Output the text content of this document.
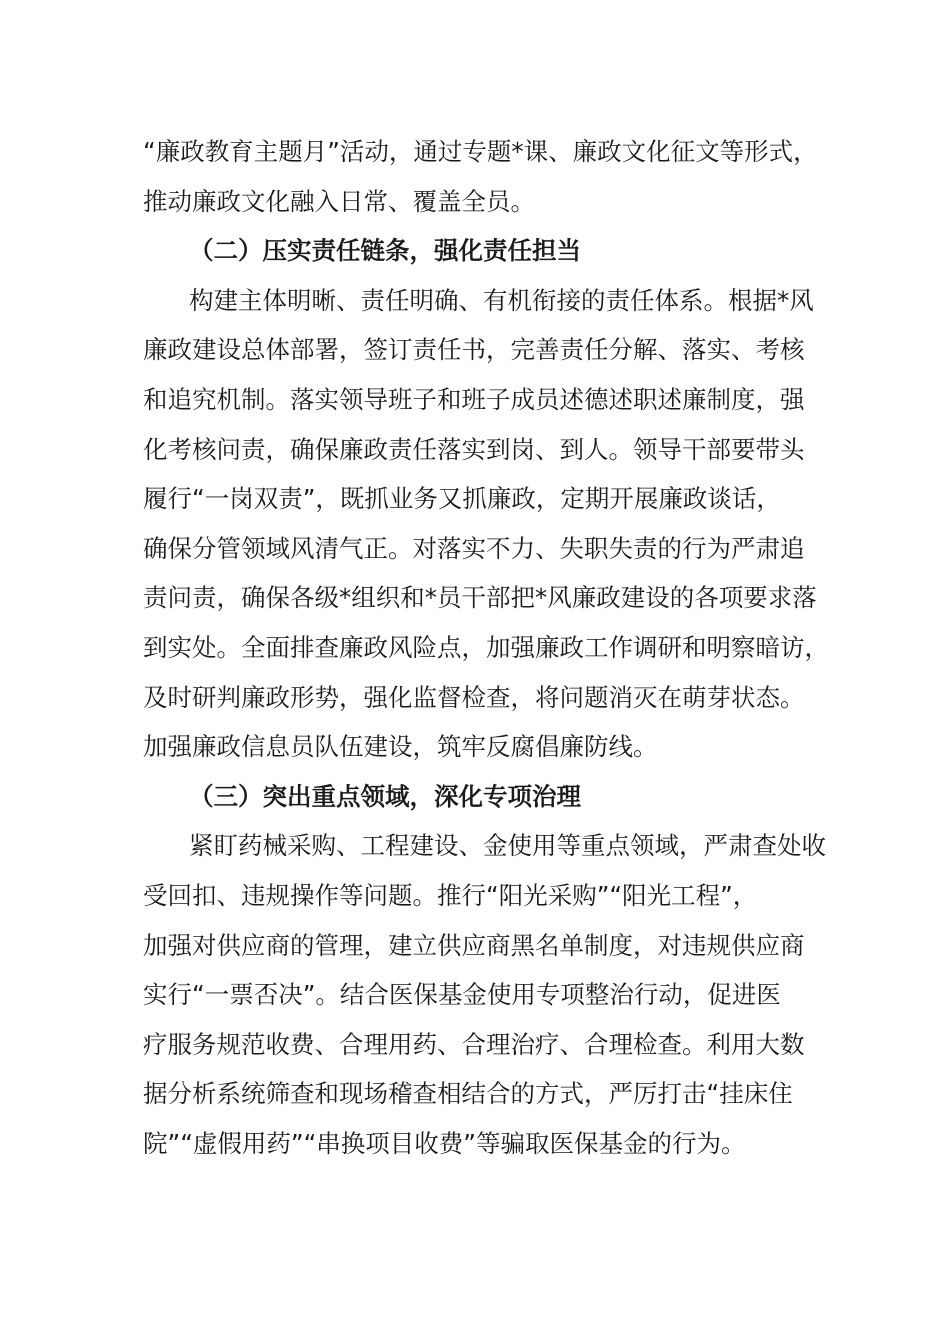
“廉政教育主题月”活动，通过专题*课、廉政文化征文等形式，
推动廉政文化融入日常、覆盖全员。
（二）压实责任链条，强化责任担当
构建主体明晰、责任明确、有机衔接的责任体系。根据*风
廉政建设总体部署，签订责任书，完善责任分解、落实、考核
和追究机制。落实领导班子和班子成员述德述职述廉制度，强
化考核问责，确保廉政责任落实到岗、到人。领导干部要带头
履行“一岗双责”，既抓业务又抓廉政，定期开展廉政谈话，
确保分管领域风清气正。对落实不力、失职失责的行为严肃追
责问责，确保各级*组织和*员干部把*风廉政建设的各项要求落
到实处。全面排查廉政风险点，加强廉政工作调研和明察暗访，
及时研判廉政形势，强化监督检查，将问题消灭在萌芽状态。
加强廉政信息员队伍建设，筑牢反腐倡廉防线。
（三）突出重点领域，深化专项治理
紧盯药械采购、工程建设、金使用等重点领域，严肃查处收
受回扣、违规操作等问题。推行“阳光采购”“阳光工程”，
加强对供应商的管理，建立供应商黑名单制度，对违规供应商
实行“一票否决”。结合医保基金使用专项整治行动，促进医
疗服务规范收费、合理用药、合理治疗、合理检查。利用大数
据分析系统筛查和现场稽查相结合的方式，严厉打击“挂床住
院”“虚假用药”“串换项目收费”等骗取医保基金的行为。
